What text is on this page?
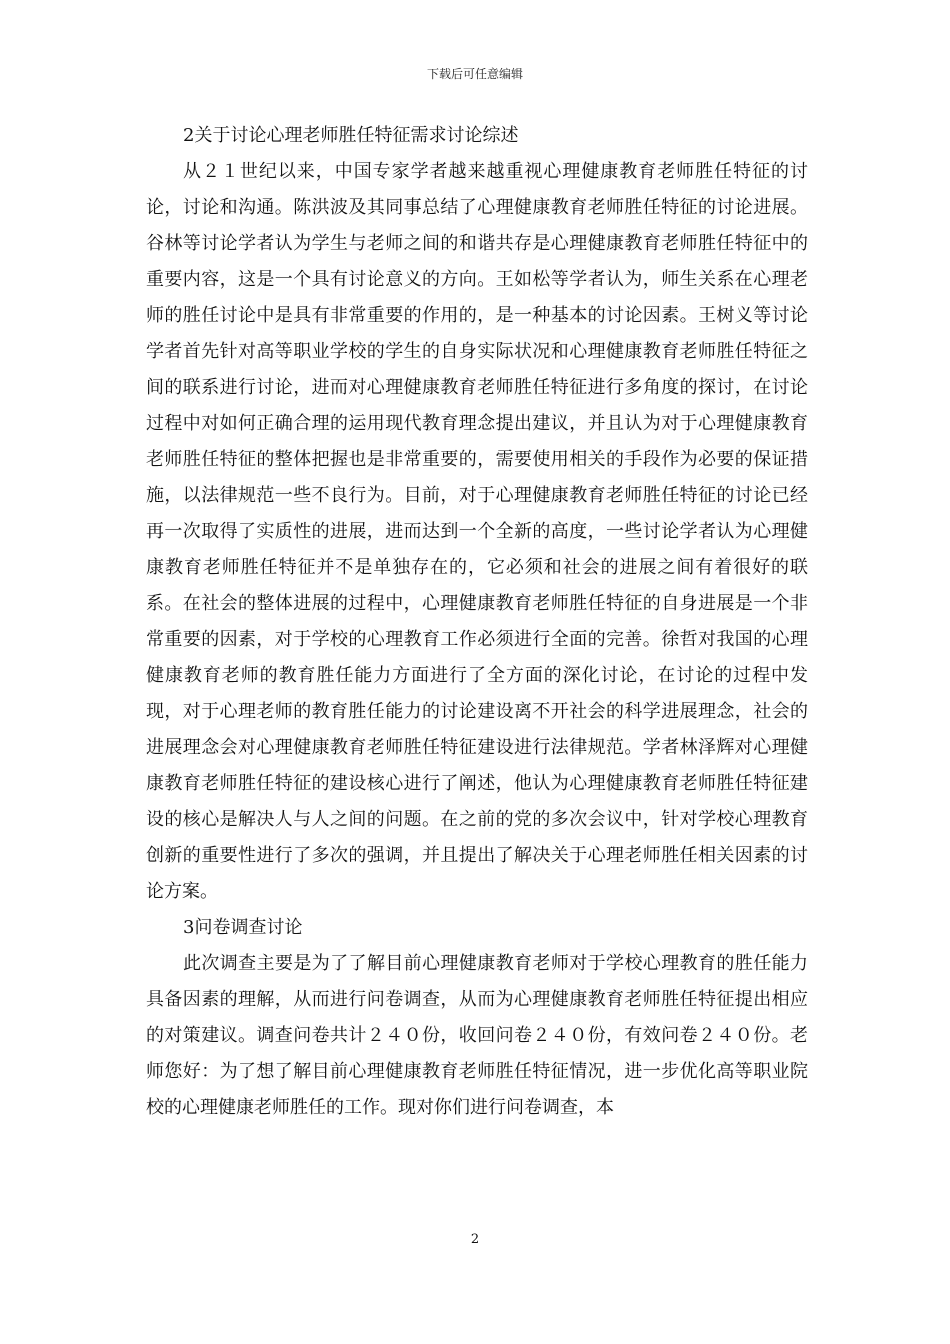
下载后可任意编辑

2关于讨论心理老师胜任特征需求讨论综述

从２１世纪以来，中国专家学者越来越重视心理健康教育老师胜任特征的讨论，讨论和沟通。陈洪波及其同事总结了心理健康教育老师胜任特征的讨论进展。谷林等讨论学者认为学生与老师之间的和谐共存是心理健康教育老师胜任特征中的重要内容，这是一个具有讨论意义的方向。王如松等学者认为，师生关系在心理老师的胜任讨论中是具有非常重要的作用的，是一种基本的讨论因素。王树义等讨论学者首先针对高等职业学校的学生的自身实际状况和心理健康教育老师胜任特征之间的联系进行讨论，进而对心理健康教育老师胜任特征进行多角度的探讨，在讨论过程中对如何正确合理的运用现代教育理念提出建议，并且认为对于心理健康教育老师胜任特征的整体把握也是非常重要的，需要使用相关的手段作为必要的保证措施，以法律规范一些不良行为。目前，对于心理健康教育老师胜任特征的讨论已经再一次取得了实质性的进展，进而达到一个全新的高度，一些讨论学者认为心理健康教育老师胜任特征并不是单独存在的，它必须和社会的进展之间有着很好的联系。在社会的整体进展的过程中，心理健康教育老师胜任特征的自身进展是一个非常重要的因素，对于学校的心理教育工作必须进行全面的完善。徐哲对我国的心理健康教育老师的教育胜任能力方面进行了全方面的深化讨论，在讨论的过程中发现，对于心理老师的教育胜任能力的讨论建设离不开社会的科学进展理念，社会的进展理念会对心理健康教育老师胜任特征建设进行法律规范。学者林泽辉对心理健康教育老师胜任特征的建设核心进行了阐述，他认为心理健康教育老师胜任特征建设的核心是解决人与人之间的问题。在之前的党的多次会议中，针对学校心理教育创新的重要性进行了多次的强调，并且提出了解决关于心理老师胜任相关因素的讨论方案。

3问卷调查讨论

此次调查主要是为了了解目前心理健康教育老师对于学校心理教育的胜任能力具备因素的理解，从而进行问卷调查，从而为心理健康教育老师胜任特征提出相应的对策建议。调查问卷共计２４０份，收回问卷２４０份，有效问卷２４０份。老师您好：为了想了解目前心理健康教育老师胜任特征情况，进一步优化高等职业院校的心理健康老师胜任的工作。现对你们进行问卷调查，本

2
